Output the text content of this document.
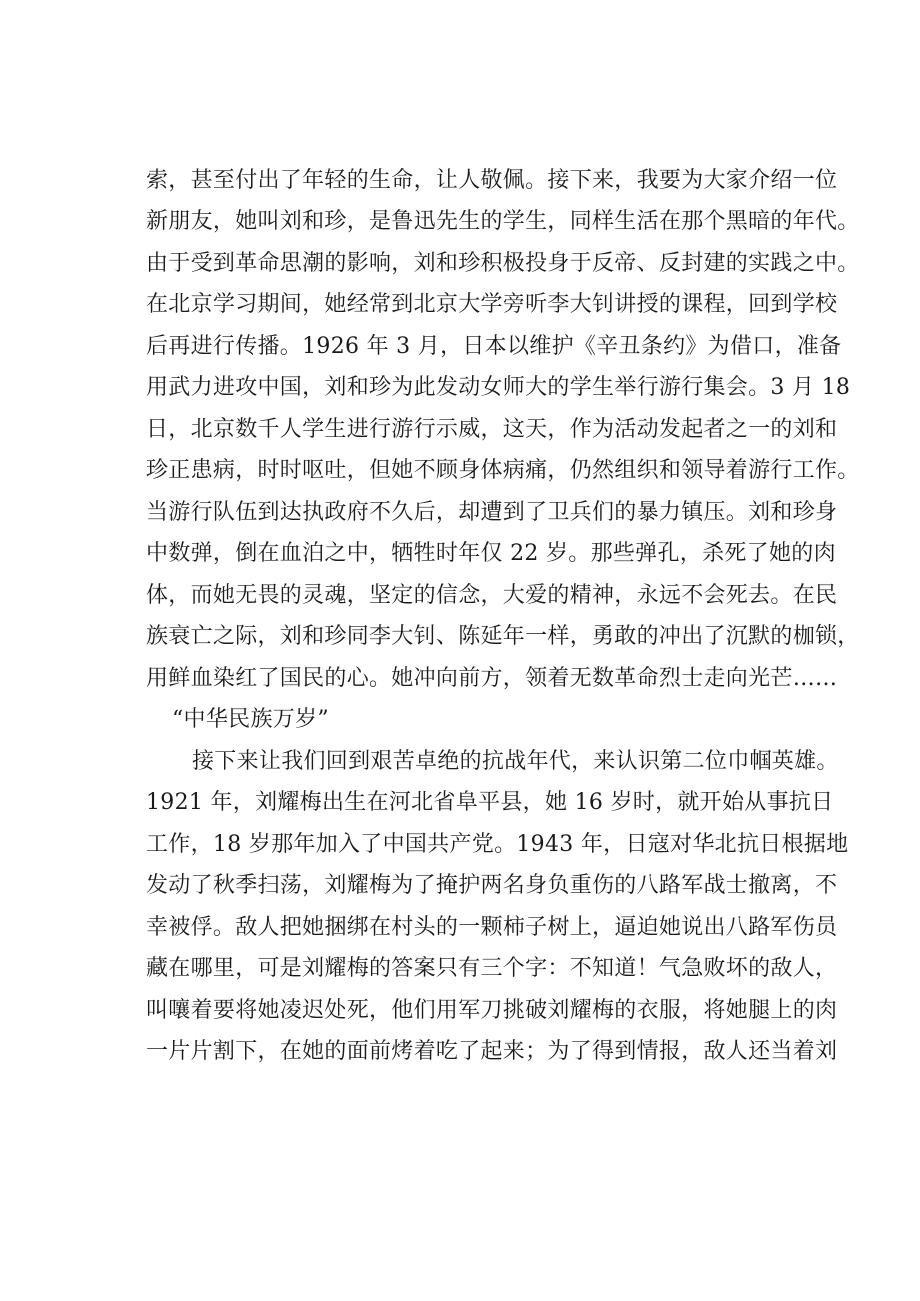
索，甚至付出了年轻的生命，让人敬佩。接下来，我要为大家介绍一位
新朋友，她叫刘和珍，是鲁迅先生的学生，同样生活在那个黑暗的年代。
由于受到革命思潮的影响，刘和珍积极投身于反帝、反封建的实践之中。
在北京学习期间，她经常到北京大学旁听李大钊讲授的课程，回到学校
后再进行传播。1926 年 3 月，日本以维护《辛丑条约》为借口，准备
用武力进攻中国，刘和珍为此发动女师大的学生举行游行集会。3 月 18
日，北京数千人学生进行游行示威，这天，作为活动发起者之一的刘和
珍正患病，时时呕吐，但她不顾身体病痛，仍然组织和领导着游行工作。
当游行队伍到达执政府不久后，却遭到了卫兵们的暴力镇压。刘和珍身
中数弹，倒在血泊之中，牺牲时年仅 22 岁。那些弹孔，杀死了她的肉
体，而她无畏的灵魂，坚定的信念，大爱的精神，永远不会死去。在民
族衰亡之际，刘和珍同李大钊、陈延年一样，勇敢的冲出了沉默的枷锁，
用鲜血染红了国民的心。她冲向前方，领着无数革命烈士走向光芒……
“中华民族万岁”
接下来让我们回到艰苦卓绝的抗战年代，来认识第二位巾帼英雄。
1921 年，刘耀梅出生在河北省阜平县，她 16 岁时，就开始从事抗日
工作，18 岁那年加入了中国共产党。1943 年，日寇对华北抗日根据地
发动了秋季扫荡，刘耀梅为了掩护两名身负重伤的八路军战士撤离，不
幸被俘。敌人把她捆绑在村头的一颗柿子树上，逼迫她说出八路军伤员
藏在哪里，可是刘耀梅的答案只有三个字：不知道！气急败坏的敌人，
叫嚷着要将她凌迟处死，他们用军刀挑破刘耀梅的衣服，将她腿上的肉
一片片割下，在她的面前烤着吃了起来；为了得到情报，敌人还当着刘
